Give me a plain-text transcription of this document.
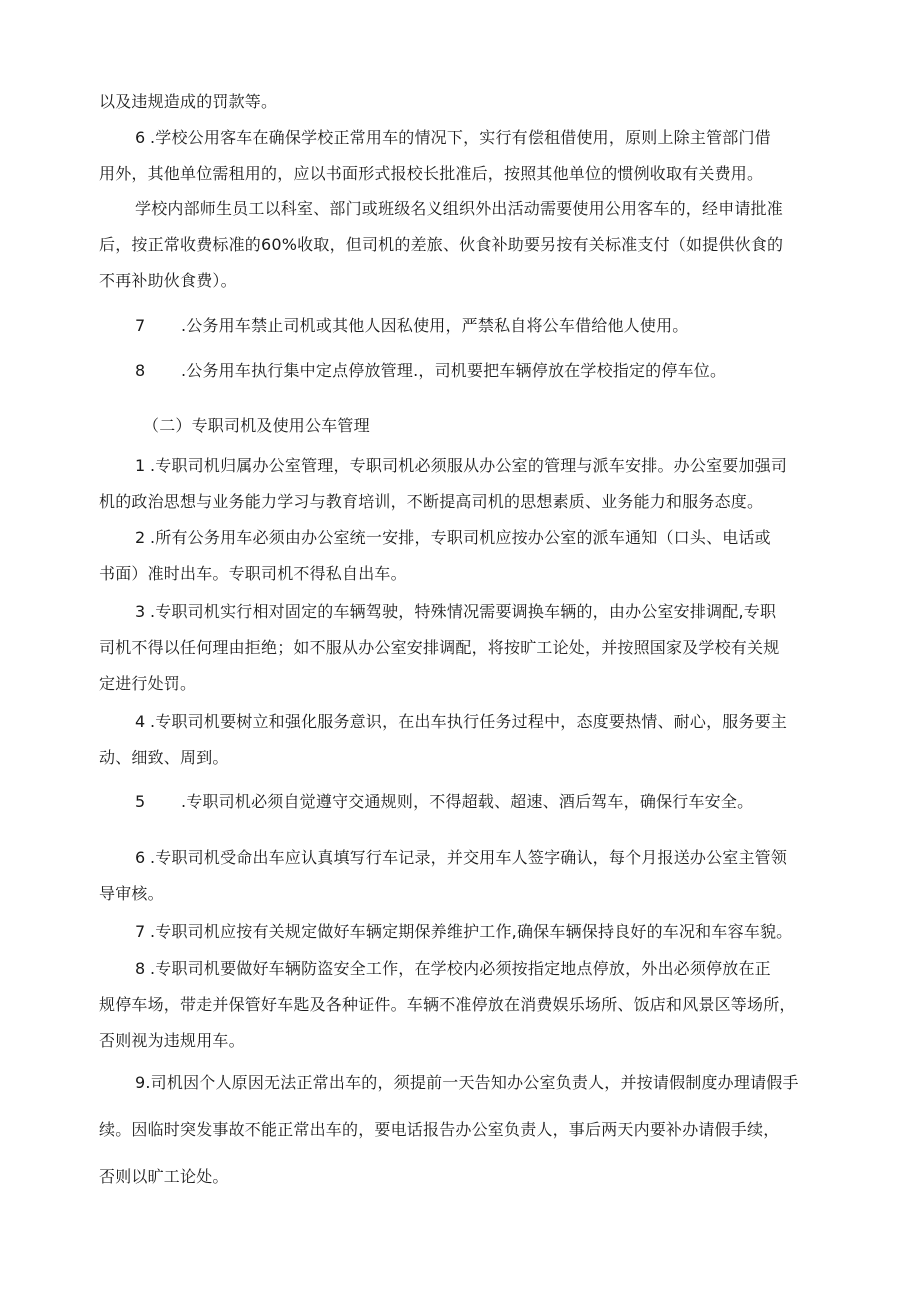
以及违规造成的罚款等。
6 .学校公用客车在确保学校正常用车的情况下，实行有偿租借使用，原则上除主管部门借
用外，其他单位需租用的，应以书面形式报校长批准后，按照其他单位的惯例收取有关费用。
学校内部师生员工以科室、部门或班级名义组织外出活动需要使用公用客车的，经申请批准
后，按正常收费标准的60%收取，但司机的差旅、伙食补助要另按有关标准支付（如提供伙食的
不再补助伙食费）。
7 .公务用车禁止司机或其他人因私使用，严禁私自将公车借给他人使用。
8 .公务用车执行集中定点停放管理.，司机要把车辆停放在学校指定的停车位。
（二）专职司机及使用公车管理
1 .专职司机归属办公室管理，专职司机必须服从办公室的管理与派车安排。办公室要加强司
机的政治思想与业务能力学习与教育培训，不断提高司机的思想素质、业务能力和服务态度。
2 .所有公务用车必须由办公室统一安排，专职司机应按办公室的派车通知（口头、电话或
书面）准时出车。专职司机不得私自出车。
3 .专职司机实行相对固定的车辆驾驶，特殊情况需要调换车辆的，由办公室安排调配,专职
司机不得以任何理由拒绝；如不服从办公室安排调配，将按旷工论处，并按照国家及学校有关规
定进行处罚。
4 .专职司机要树立和强化服务意识，在出车执行任务过程中，态度要热情、耐心，服务要主
动、细致、周到。
5 .专职司机必须自觉遵守交通规则，不得超载、超速、酒后驾车，确保行车安全。
6 .专职司机受命出车应认真填写行车记录，并交用车人签字确认，每个月报送办公室主管领
导审核。
7 .专职司机应按有关规定做好车辆定期保养维护工作,确保车辆保持良好的车况和车容车貌。
8 .专职司机要做好车辆防盗安全工作，在学校内必须按指定地点停放，外出必须停放在正
规停车场，带走并保管好车匙及各种证件。车辆不准停放在消费娱乐场所、饭店和风景区等场所，
否则视为违规用车。
9.司机因个人原因无法正常出车的，须提前一天告知办公室负责人，并按请假制度办理请假手
续。因临时突发事故不能正常出车的，要电话报告办公室负责人，事后两天内要补办请假手续，
否则以旷工论处。
